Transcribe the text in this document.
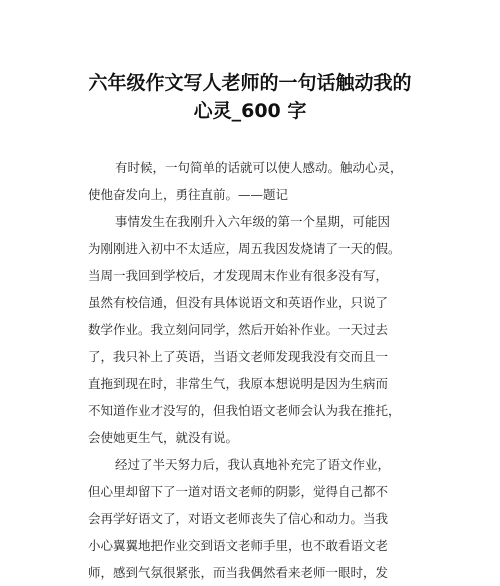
六年级作文写人老师的一句话触动我的
心灵_600 字
有时候，一句简单的话就可以使人感动。触动心灵，
使他奋发向上，勇往直前。——题记
事情发生在我刚升入六年级的第一个星期，可能因
为刚刚进入初中不太适应，周五我因发烧请了一天的假。
当周一我回到学校后，才发现周末作业有很多没有写，
虽然有校信通，但没有具体说语文和英语作业，只说了
数学作业。我立刻问同学，然后开始补作业。一天过去
了，我只补上了英语，当语文老师发现我没有交而且一
直拖到现在时，非常生气，我原本想说明是因为生病而
不知道作业才没写的，但我怕语文老师会认为我在推托，
会使她更生气，就没有说。
经过了半天努力后，我认真地补充完了语文作业，
但心里却留下了一道对语文老师的阴影，觉得自己都不
会再学好语文了，对语文老师丧失了信心和动力。当我
小心翼翼地把作业交到语文老师手里，也不敢看语文老
师，感到气氛很紧张，而当我偶然看来老师一眼时，发
